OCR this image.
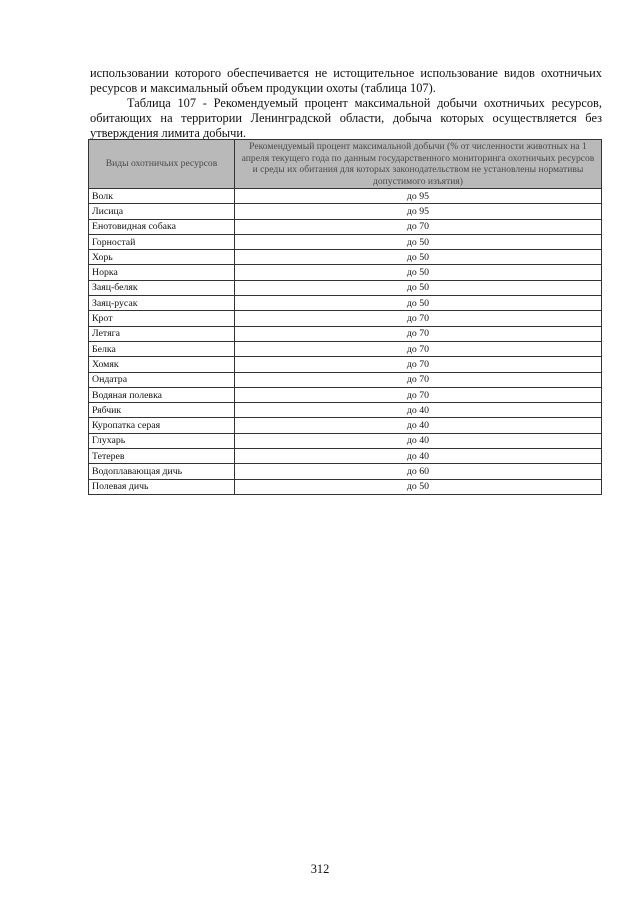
использовании которого обеспечивается не истощительное использование видов охотничьих ресурсов и максимальный объем продукции охоты (таблица 107).

Таблица 107 - Рекомендуемый процент максимальной добычи охотничьих ресурсов, обитающих на территории Ленинградской области, добыча которых осуществляется без утверждения лимита добычи.

Виды охотничьих ресурсов	Рекомендуемый процент максимальной добычи (% от численности животных на 1 апреля текущего года по данным государственного мониторинга охотничьих ресурсов и среды их обитания для которых законодательством не установлены нормативы допустимого изъятия)
Волк	до 95
Лисица	до 95
Енотовидная собака	до 70
Горностай	до 50
Хорь	до 50
Норка	до 50
Заяц-беляк	до 50
Заяц-русак	до 50
Крот	до 70
Летяга	до 70
Белка	до 70
Хомяк	до 70
Ондатра	до 70
Водяная полевка	до 70
Рябчик	до 40
Куропатка серая	до 40
Глухарь	до 40
Тетерев	до 40
Водоплавающая дичь	до 60
Полевая дичь	до 50
312
